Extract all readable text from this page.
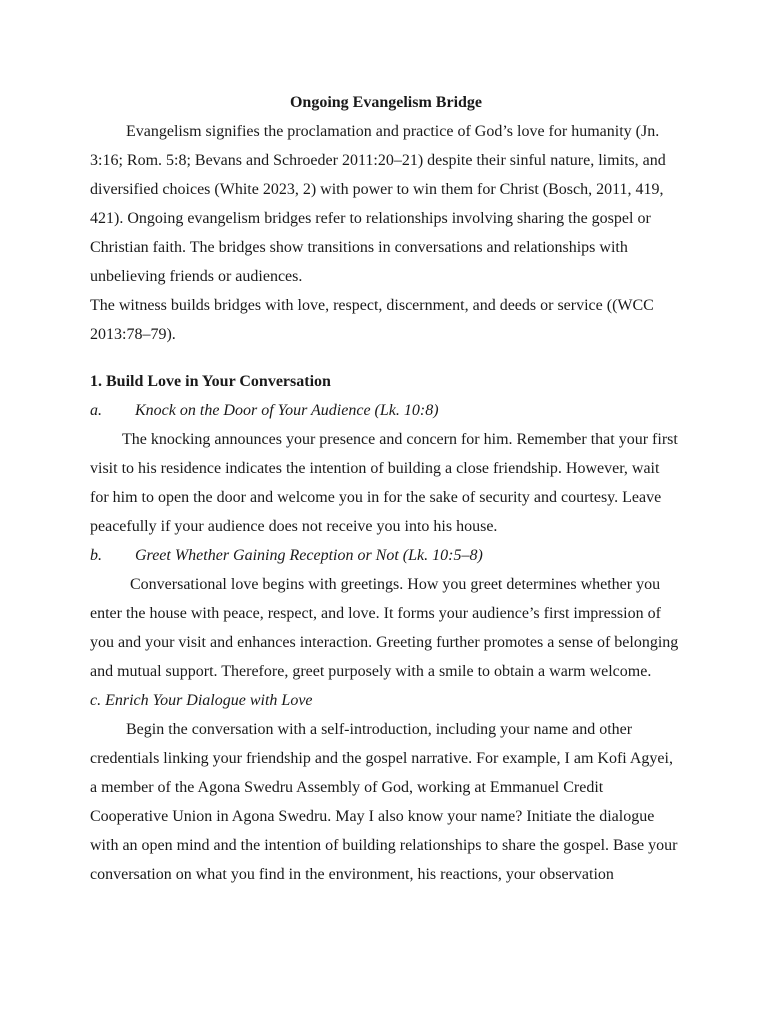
Ongoing Evangelism Bridge

Evangelism signifies the proclamation and practice of God’s love for humanity (Jn. 3:16; Rom. 5:8; Bevans and Schroeder 2011:20–21) despite their sinful nature, limits, and diversified choices (White 2023, 2) with power to win them for Christ (Bosch, 2011, 419, 421). Ongoing evangelism bridges refer to relationships involving sharing the gospel or Christian faith. The bridges show transitions in conversations and relationships with unbelieving friends or audiences.

The witness builds bridges with love, respect, discernment, and deeds or service ((WCC 2013:78–79).

1. Build Love in Your Conversation

a. Knock on the Door of Your Audience (Lk. 10:8)

The knocking announces your presence and concern for him. Remember that your first visit to his residence indicates the intention of building a close friendship. However, wait for him to open the door and welcome you in for the sake of security and courtesy. Leave peacefully if your audience does not receive you into his house.

b. Greet Whether Gaining Reception or Not (Lk. 10:5–8)

Conversational love begins with greetings. How you greet determines whether you enter the house with peace, respect, and love. It forms your audience’s first impression of you and your visit and enhances interaction. Greeting further promotes a sense of belonging and mutual support. Therefore, greet purposely with a smile to obtain a warm welcome.

c. Enrich Your Dialogue with Love

Begin the conversation with a self-introduction, including your name and other credentials linking your friendship and the gospel narrative. For example, I am Kofi Agyei, a member of the Agona Swedru Assembly of God, working at Emmanuel Credit Cooperative Union in Agona Swedru. May I also know your name? Initiate the dialogue with an open mind and the intention of building relationships to share the gospel. Base your conversation on what you find in the environment, his reactions, your observation
